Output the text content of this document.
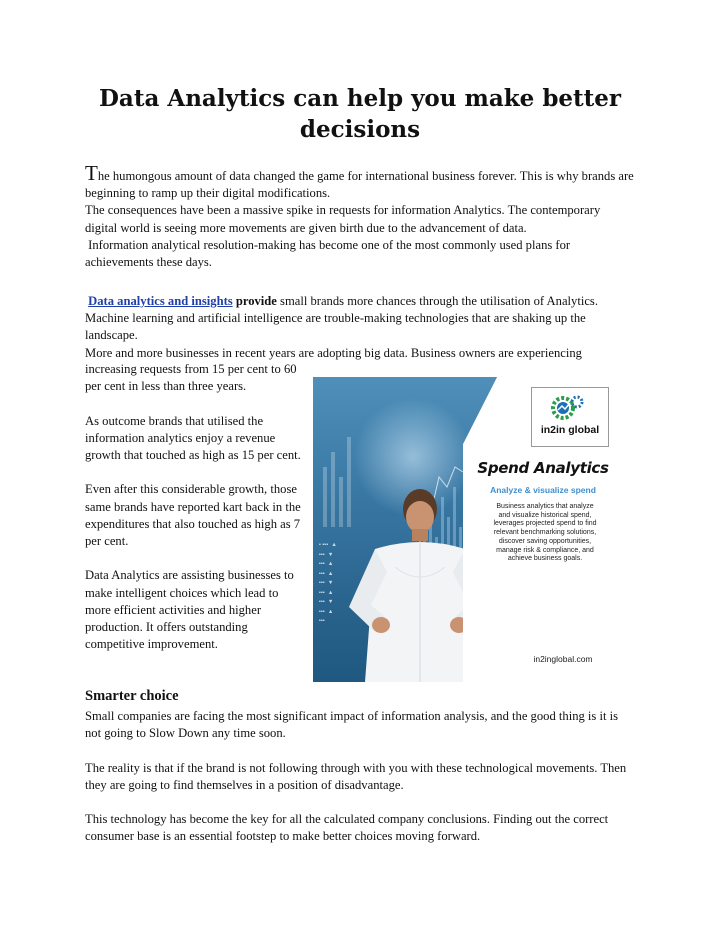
Data Analytics can help you make better decisions

The humongous amount of data changed the game for international business forever. This is why brands are beginning to ramp up their digital modifications.

The consequences have been a massive spike in requests for information Analytics. The contemporary digital world is seeing more movements are given birth due to the advancement of data.

Information analytical resolution-making has become one of the most commonly used plans for achievements these days.

Data analytics and insights provide small brands more chances through the utilisation of Analytics. Machine learning and artificial intelligence are trouble-making technologies that are shaking up the landscape.

More and more businesses in recent years are adopting big data. Business owners are experiencing

increasing requests from 15 per cent to 60 per cent in less than three years.

As outcome brands that utilised the information analytics enjoy a revenue growth that touched as high as 15 per cent.

Even after this considerable growth, those same brands have reported kart back in the expenditures that also touched as high as 7 per cent.

Data Analytics are assisting businesses to make intelligent choices which lead to more efficient activities and higher production. It offers outstanding competitive improvement.

Smarter choice

Small companies are facing the most significant impact of information analysis, and the good thing is it is not going to Slow Down any time soon.

The reality is that if the brand is not following through with you with these technological movements. Then they are going to find themselves in a position of disadvantage.

This technology has become the key for all the calculated company conclusions. Finding out the correct consumer base is an essential footstep to make better choices moving forward.

▪ ▪▪▪  ▲
▪▪▪  ▼
▪▪▪  ▲
▪▪▪  ▲
▪▪▪  ▼
▪▪▪  ▲
▪▪▪  ▼
▪▪▪  ▲
▪▪▪
in2in global
Spend Analytics
Analyze & visualize spend
Business analytics that analyze and visualize historical spend, leverages projected spend to find relevant benchmarking solutions, discover saving opportunities, manage risk & compliance, and achieve business goals.
in2inglobal.com
